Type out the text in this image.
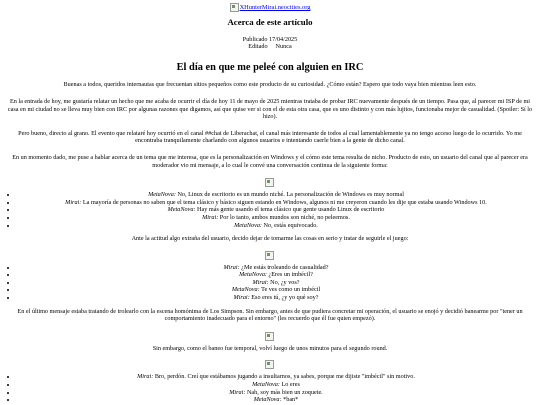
XHunterMirai.neocities.org
Acerca de este artículo

Publicado 17/04/2025

Editado Nunca

El día en que me peleé con alguien en IRC

Buenas a todos, queridos internautas que frecuentan sitios pequeños como este producto de su curiosidad. ¿Cómo están? Espero que todo vaya bien mientras leen esto.

En la entrada de hoy, me gustaría relatar un hecho que me acaba de ocurrir el día de hoy 11 de mayo de 2025 mientras trataba de probar IRC nuevamente después de un tiempo. Pasa que, al parecer mi ISP de mi casa en mi ciudad no se lleva muy bien con IRC por algunas razones que digamos, así que quise ver si con el de esta otra casa, que es uno distinto y con más lujitos, funcionaba mejor de casualidad. (Spoiler: Sí lo hizo).

Pero bueno, directo al grano. El evento que relataré hoy ocurrió en el canal ##chat de Liberachat, el canal más interesante de todos al cual lamentablemente ya no tengo acceso luego de lo ocurrido. Yo me encontraba tranquilamente charlando con algunos usuarios e intentando caerle bien a la gente de dicho canal.

En un momento dado, me puse a hablar acerca de un tema que me interesa, que es la personalización en Windows y el cómo este tema resulta de nicho. Producto de esto, un usuario del canal que al parecer era moderador vio mi mensaje, a lo cual le convé una conversación continua de la siguiente forma:

• MetaNova: No, Linux de escritorio es un mundo niché. La personalización de Windows es muy normal
• Mirai: La mayoría de personas no saben que el tema clásico y básico siguen estando en Windows, algunos ni me creyeron cuando les dije que estaba usando Windows 10.
• MetaNova: Hay más gente usando el tema clásico que gente usando Linux de escritorio
• Mirai: Por lo tanto, ambos mundos son niché, no peleemos.
• MetaNova: No, estás equivocado.

Ante la actitud algo extraña del usuario, decido dejar de tomarme las cosas en serio y tratar de seguirle el juego:

• Mirai: ¿Me estás troleando de casualidad?
• MetaNova: ¿Eres un imbécil?
• Mirai: No, ¿y vos?
• MetaNova: Te ves como un imbécil
• Mirai: Eso eres tú, ¿y yo qué soy?

En el último mensaje estaba tratando de trolearlo con la escena homónima de Los Simpson. Sin embargo, antes de que pudiera concretar mi operación, el usuario se enojó y decidió banearme por "tener un comportamiento inadecuado para el entorno" (les recuerdo que él fue quien empezó).

Sin embargo, como el baneo fue temporal, volví luego de unos minutos para el segundo round.

• Mirai: Bro, perdón. Creí que estábamos jugando a insultarnos, ya sabes, porque me dijiste "imbécil" sin motivo.
• MetaNova: Lo eres
• Mirai: Nah, soy más bien un zoquete.
• MetaNova: *ban*
